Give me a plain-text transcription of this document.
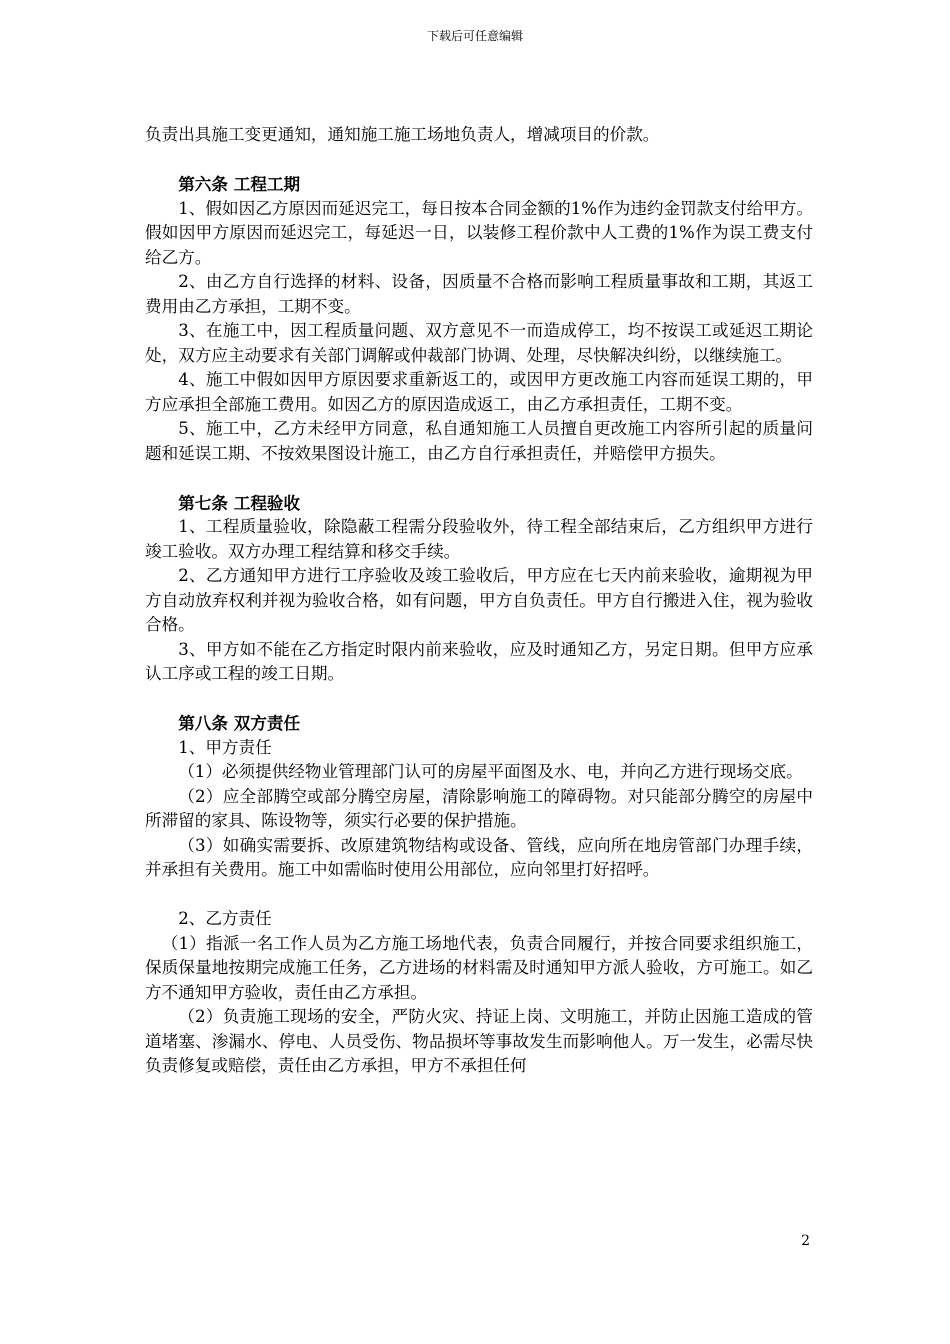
下载后可任意编辑

负责出具施工变更通知，通知施工施工场地负责人，增减项目的价款。

第六条 工程工期

1、假如因乙方原因而延迟完工，每日按本合同金额的1%作为违约金罚款支付给甲方。假如因甲方原因而延迟完工，每延迟一日，以装修工程价款中人工费的1%作为误工费支付给乙方。

2、由乙方自行选择的材料、设备，因质量不合格而影响工程质量事故和工期，其返工费用由乙方承担，工期不变。

3、在施工中，因工程质量问题、双方意见不一而造成停工，均不按误工或延迟工期论处，双方应主动要求有关部门调解或仲裁部门协调、处理，尽快解决纠纷，以继续施工。

4、施工中假如因甲方原因要求重新返工的，或因甲方更改施工内容而延误工期的，甲方应承担全部施工费用。如因乙方的原因造成返工，由乙方承担责任，工期不变。

5、施工中，乙方未经甲方同意，私自通知施工人员擅自更改施工内容所引起的质量问题和延误工期、不按效果图设计施工，由乙方自行承担责任，并赔偿甲方损失。

第七条 工程验收

1、工程质量验收，除隐蔽工程需分段验收外，待工程全部结束后，乙方组织甲方进行竣工验收。双方办理工程结算和移交手续。

2、乙方通知甲方进行工序验收及竣工验收后，甲方应在七天内前来验收，逾期视为甲方自动放弃权利并视为验收合格，如有问题，甲方自负责任。甲方自行搬进入住，视为验收合格。

3、甲方如不能在乙方指定时限内前来验收，应及时通知乙方，另定日期。但甲方应承认工序或工程的竣工日期。

第八条 双方责任

1、甲方责任

（1）必须提供经物业管理部门认可的房屋平面图及水、电，并向乙方进行现场交底。

（2）应全部腾空或部分腾空房屋，清除影响施工的障碍物。对只能部分腾空的房屋中所滞留的家具、陈设物等，须实行必要的保护措施。

（3）如确实需要拆、改原建筑物结构或设备、管线，应向所在地房管部门办理手续，并承担有关费用。施工中如需临时使用公用部位，应向邻里打好招呼。

2、乙方责任

（1）指派一名工作人员为乙方施工场地代表，负责合同履行，并按合同要求组织施工，保质保量地按期完成施工任务，乙方进场的材料需及时通知甲方派人验收，方可施工。如乙方不通知甲方验收，责任由乙方承担。

（2）负责施工现场的安全，严防火灾、持证上岗、文明施工，并防止因施工造成的管道堵塞、渗漏水、停电、人员受伤、物品损坏等事故发生而影响他人。万一发生，必需尽快负责修复或赔偿，责任由乙方承担，甲方不承担任何

2
